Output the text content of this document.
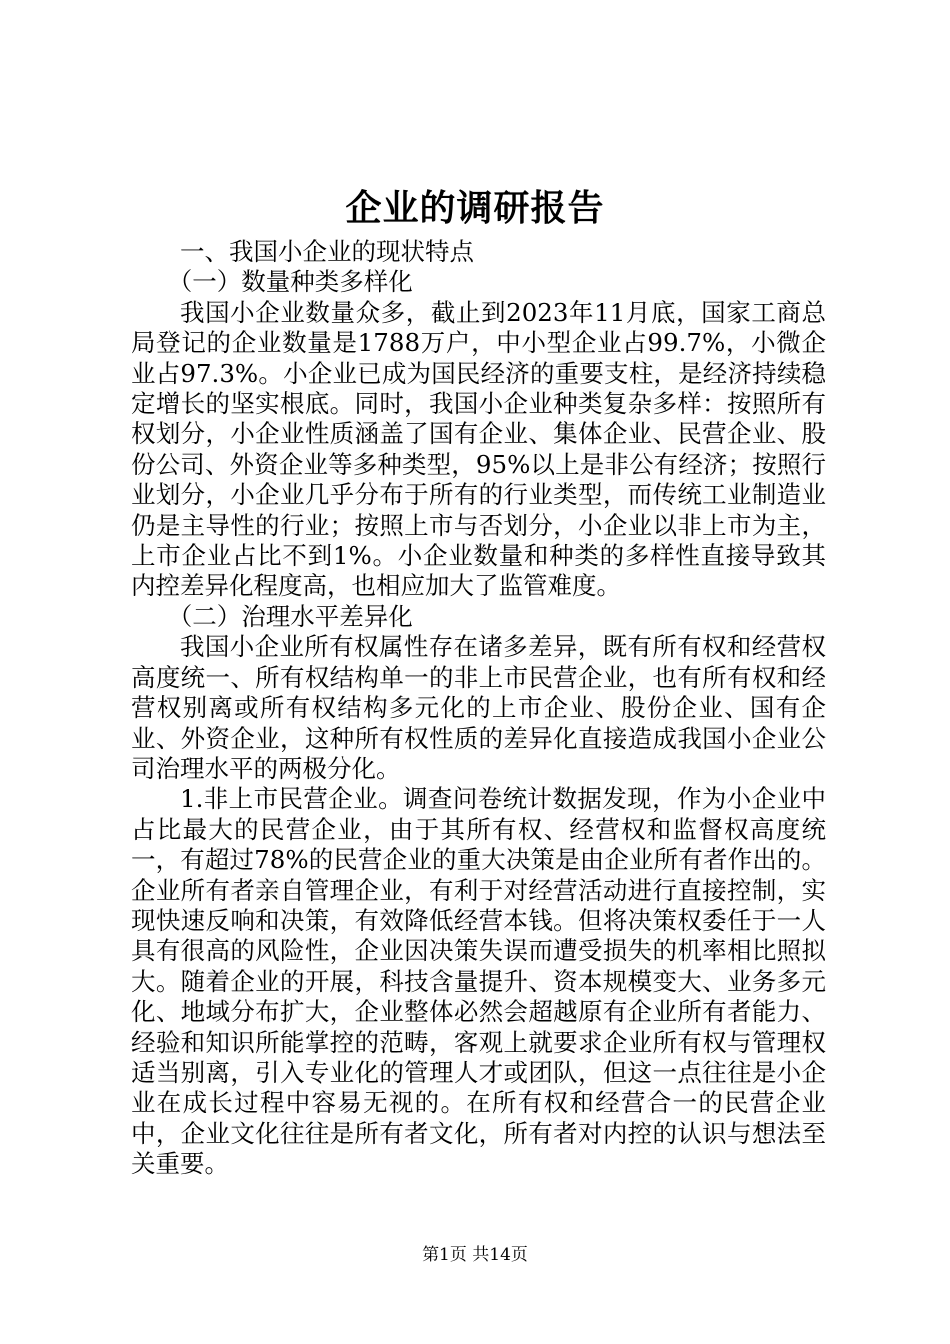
企业的调研报告

一、我国小企业的现状特点

（一）数量种类多样化

我国小企业数量众多，截止到2023年11月底，国家工商总局登记的企业数量是1788万户，中小型企业占99.7%，小微企业占97.3%。小企业已成为国民经济的重要支柱，是经济持续稳定增长的坚实根底。同时，我国小企业种类复杂多样：按照所有权划分，小企业性质涵盖了国有企业、集体企业、民营企业、股份公司、外资企业等多种类型，95%以上是非公有经济；按照行业划分，小企业几乎分布于所有的行业类型，而传统工业制造业仍是主导性的行业；按照上市与否划分，小企业以非上市为主，上市企业占比不到1%。小企业数量和种类的多样性直接导致其内控差异化程度高，也相应加大了监管难度。

（二）治理水平差异化

我国小企业所有权属性存在诸多差异，既有所有权和经营权高度统一、所有权结构单一的非上市民营企业，也有所有权和经营权别离或所有权结构多元化的上市企业、股份企业、国有企业、外资企业，这种所有权性质的差异化直接造成我国小企业公司治理水平的两极分化。

1.非上市民营企业。调查问卷统计数据发现，作为小企业中占比最大的民营企业，由于其所有权、经营权和监督权高度统一，有超过78%的民营企业的重大决策是由企业所有者作出的。企业所有者亲自管理企业，有利于对经营活动进行直接控制，实现快速反响和决策，有效降低经营本钱。但将决策权委任于一人具有很高的风险性，企业因决策失误而遭受损失的机率相比照拟大。随着企业的开展，科技含量提升、资本规模变大、业务多元化、地域分布扩大，企业整体必然会超越原有企业所有者能力、经验和知识所能掌控的范畴，客观上就要求企业所有权与管理权适当别离，引入专业化的管理人才或团队，但这一点往往是小企业在成长过程中容易无视的。在所有权和经营合一的民营企业中，企业文化往往是所有者文化，所有者对内控的认识与想法至关重要。

第1页 共14页
